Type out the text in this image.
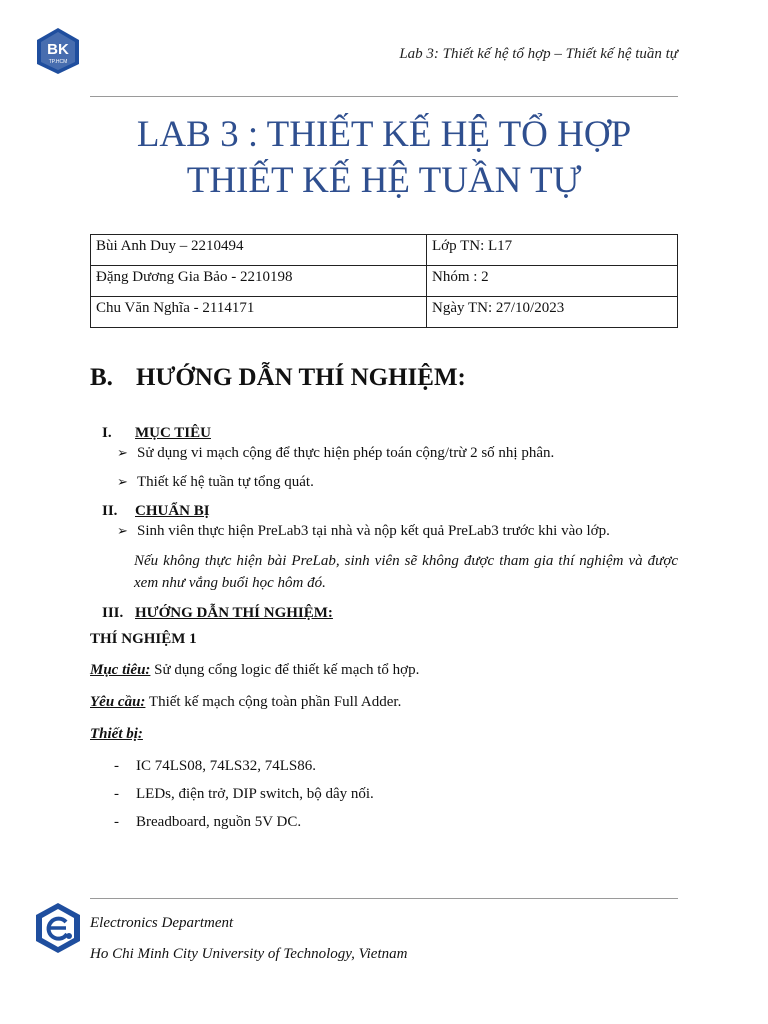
BK
TP.HCM	Lab 3: Thiết kế hệ tổ hợp – Thiết kế hệ tuần tự
LAB 3 : THIẾT KẾ HỆ TỔ HỢP
THIẾT KẾ HỆ TUẦN TỰ
Bùi Anh Duy – 2210494	Lớp TN: L17
Đặng Dương Gia Bảo - 2210198	Nhóm : 2
Chu Văn Nghĩa - 2114171	Ngày TN: 27/10/2023
B. HƯỚNG DẪN THÍ NGHIỆM:
I. MỤC TIÊU
➢ Sử dụng vi mạch cộng để thực hiện phép toán cộng/trừ 2 số nhị phân.
➢ Thiết kế hệ tuần tự tổng quát.
II. CHUẨN BỊ
➢ Sinh viên thực hiện PreLab3 tại nhà và nộp kết quả PreLab3 trước khi vào lớp.
Nếu không thực hiện bài PreLab, sinh viên sẽ không được tham gia thí nghiệm và được xem như vắng buổi học hôm đó.
III. HƯỚNG DẪN THÍ NGHIỆM:
THÍ NGHIỆM 1
Mục tiêu: Sử dụng cổng logic để thiết kế mạch tổ hợp.
Yêu cầu: Thiết kế mạch cộng toàn phần Full Adder.
Thiết bị:
- IC 74LS08, 74LS32, 74LS86.
- LEDs, điện trở, DIP switch, bộ dây nối.
- Breadboard, nguồn 5V DC.
Electronics Department
Ho Chi Minh City University of Technology, Vietnam
